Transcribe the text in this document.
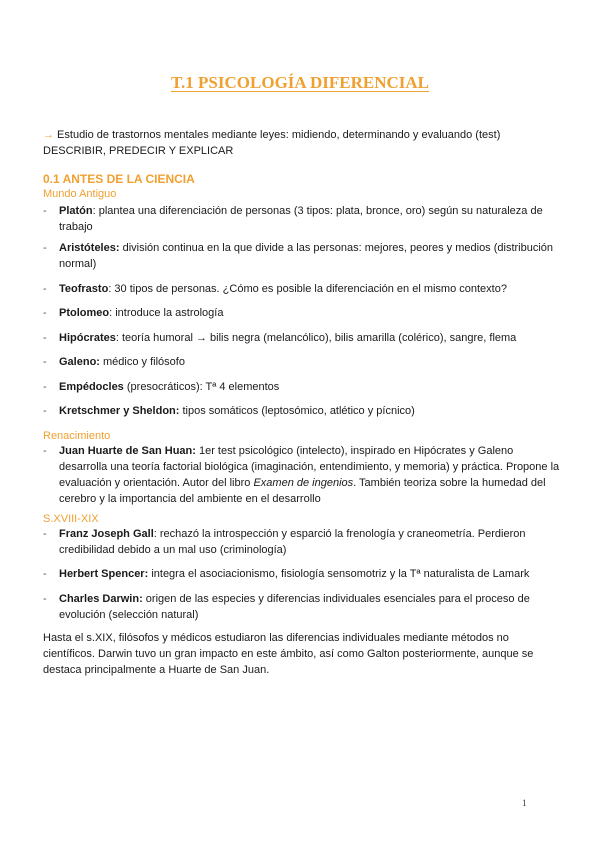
T.1 PSICOLOGÍA DIFERENCIAL
→ Estudio de trastornos mentales mediante leyes: midiendo, determinando y evaluando (test)
DESCRIBIR, PREDECIR Y EXPLICAR
0.1 ANTES DE LA CIENCIA
Mundo Antiguo
- Platón: plantea una diferenciación de personas (3 tipos: plata, bronce, oro) según su naturaleza de trabajo
- Aristóteles: división continua en la que divide a las personas: mejores, peores y medios (distribución normal)
- Teofrasto: 30 tipos de personas. ¿Cómo es posible la diferenciación en el mismo contexto?
- Ptolomeo: introduce la astrología
- Hipócrates: teoría humoral → bilis negra (melancólico), bilis amarilla (colérico), sangre, flema
- Galeno: médico y filósofo
- Empédocles (presocráticos): Tª 4 elementos
- Kretschmer y Sheldon: tipos somáticos (leptosómico, atlético y pícnico)
Renacimiento
- Juan Huarte de San Huan: 1er test psicológico (intelecto), inspirado en Hipócrates y Galeno desarrolla una teoría factorial biológica (imaginación, entendimiento, y memoria) y práctica. Propone la evaluación y orientación. Autor del libro Examen de ingenios. También teoriza sobre la humedad del cerebro y la importancia del ambiente en el desarrollo
S.XVIII-XIX
- Franz Joseph Gall: rechazó la introspección y esparció la frenología y craneometría. Perdieron credibilidad debido a un mal uso (criminología)
- Herbert Spencer: integra el asociacionismo, fisiología sensomotriz y la Tª naturalista de Lamark
- Charles Darwin: origen de las especies y diferencias individuales esenciales para el proceso de evolución (selección natural)
Hasta el s.XIX, filósofos y médicos estudiaron las diferencias individuales mediante métodos no científicos. Darwin tuvo un gran impacto en este ámbito, así como Galton posteriormente, aunque se destaca principalmente a Huarte de San Juan.
1
